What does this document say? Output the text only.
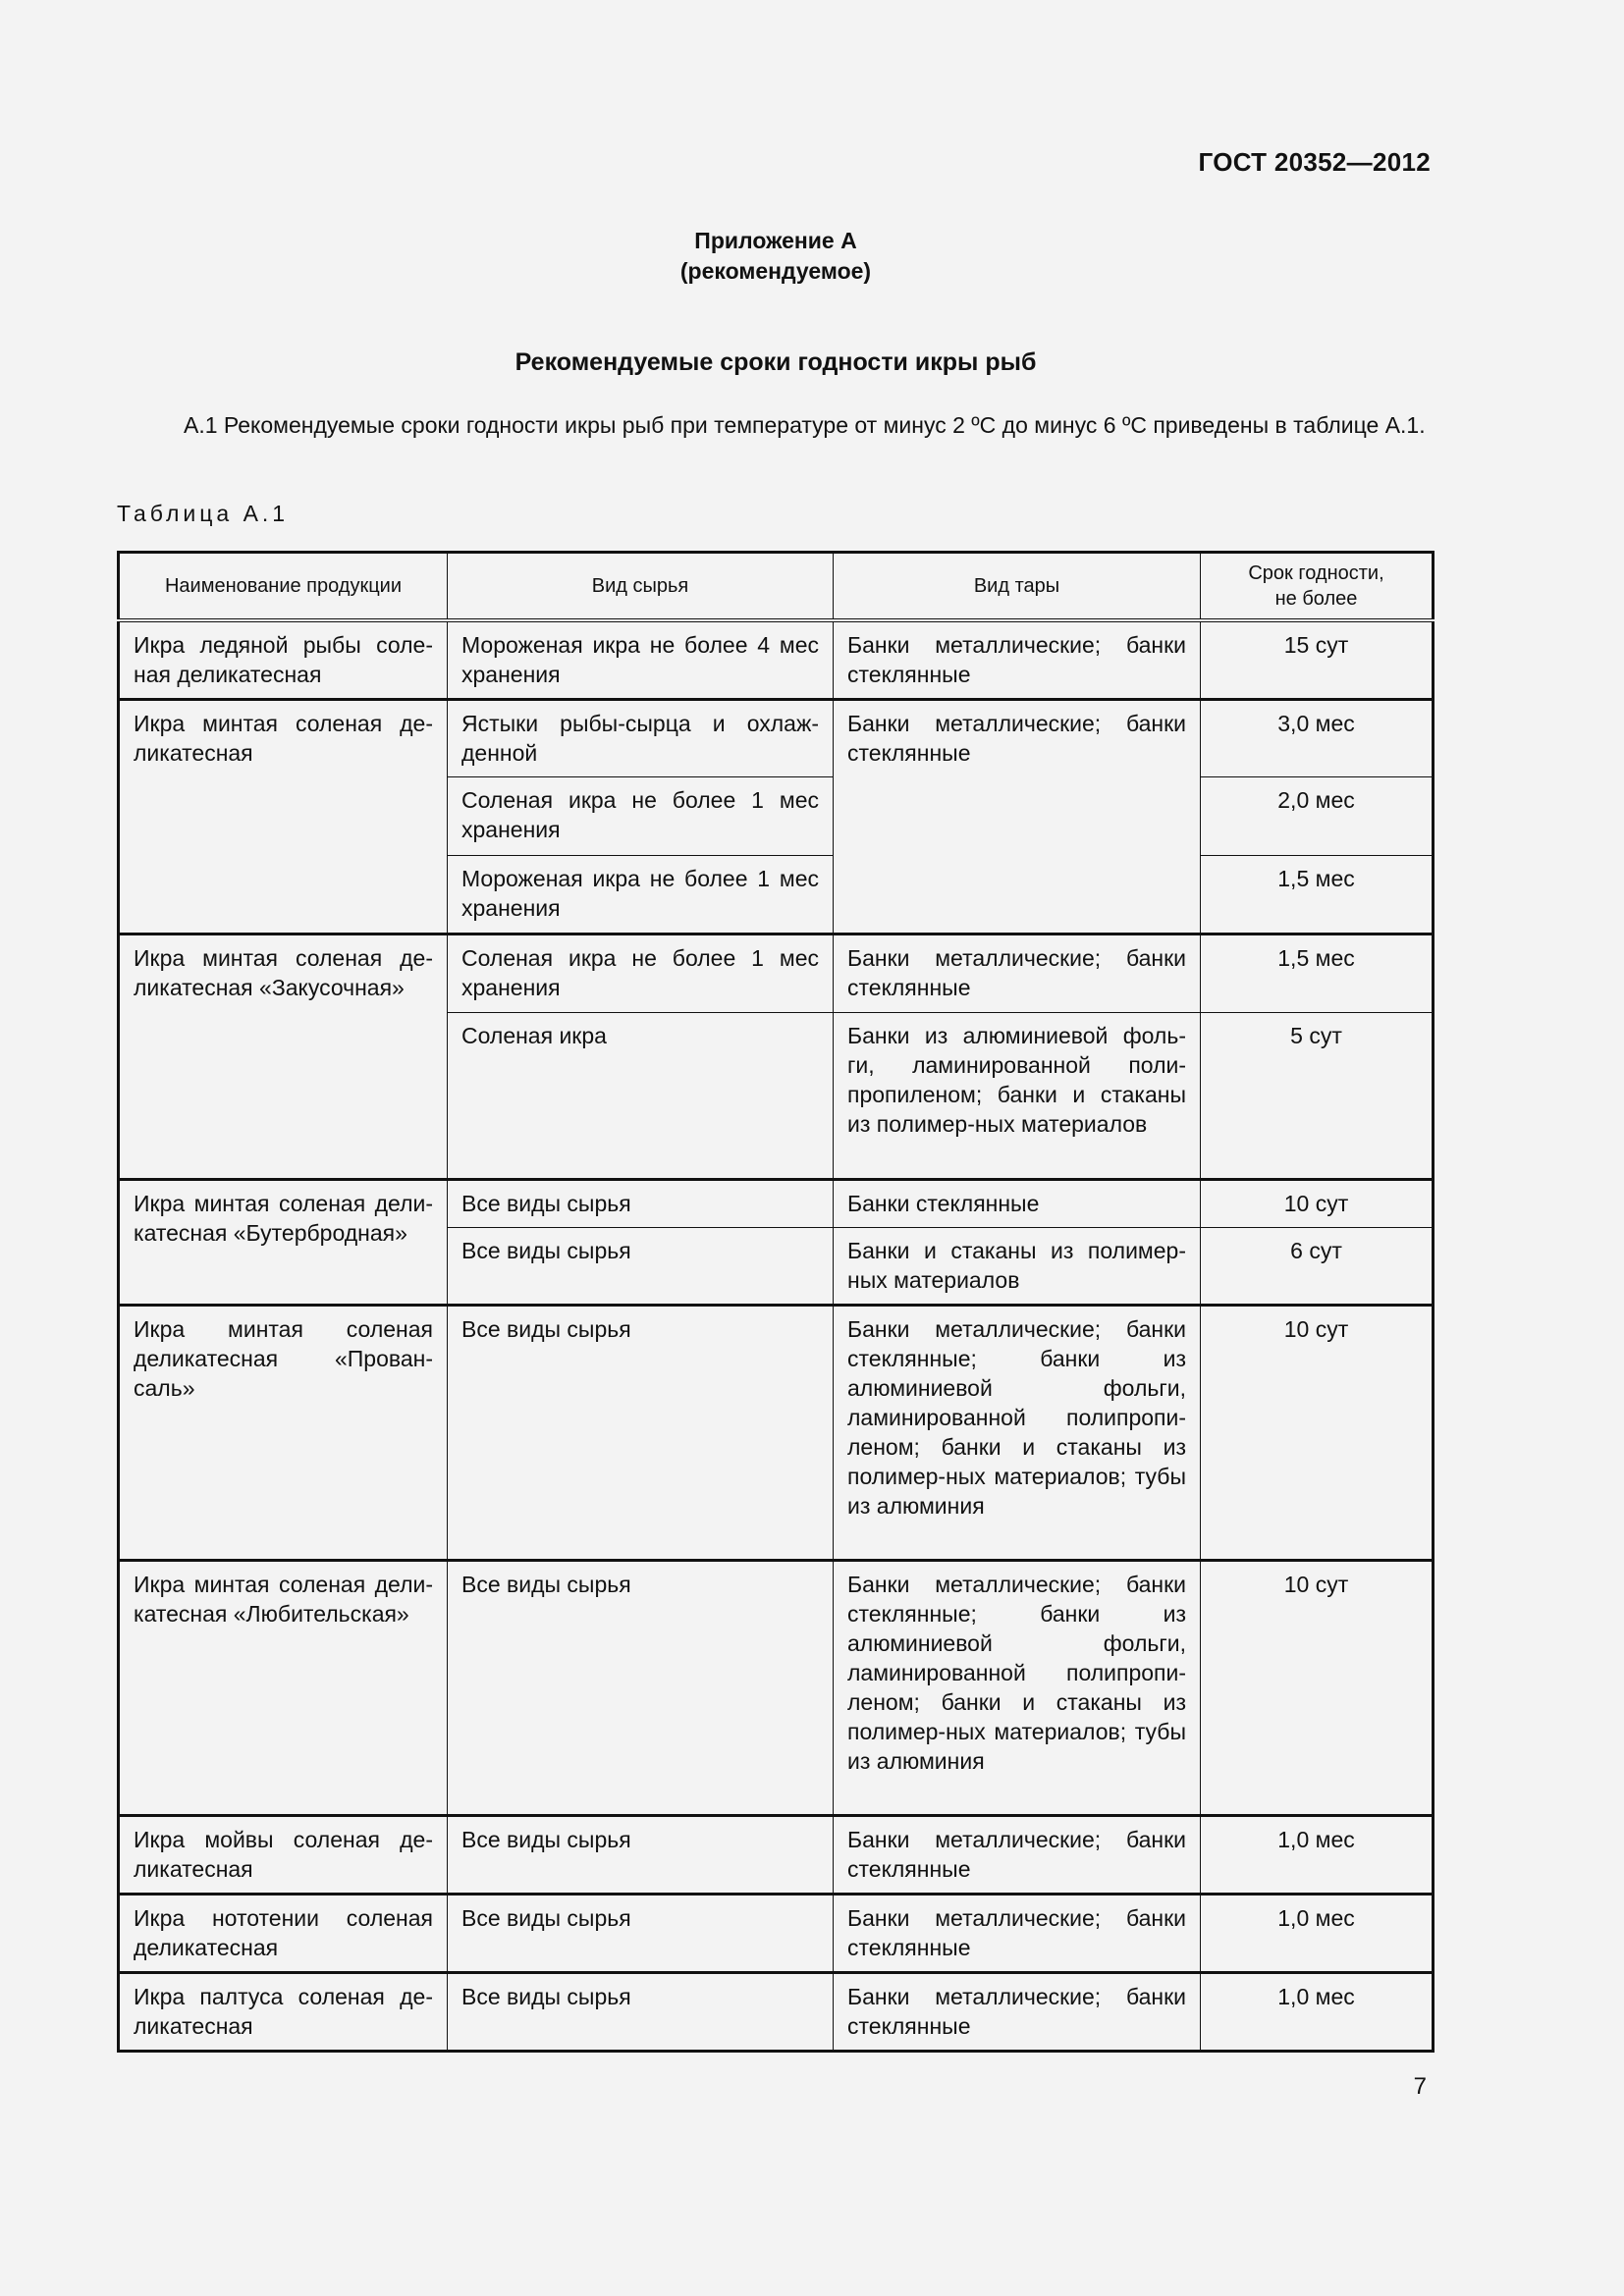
ГОСТ 20352—2012
Приложение А
(рекомендуемое)
Рекомендуемые сроки годности икры рыб
А.1 Рекомендуемые сроки годности икры рыб при температуре от минус 2 ºС до минус 6 ºС приведены в таблице А.1.
Таблица А.1
Наименование продукции	Вид сырья	Вид тары	Срок годности, не более
Икра ледяной рыбы соле-ная деликатесная	Мороженая икра не более 4 мес хранения	Банки металлические; банки стеклянные	15 сут
Икра минтая соленая де-ликатесная	Ястыки рыбы-сырца и охлаж-денной	Банки металлические; банки стеклянные	3,0 мес
	Соленая икра не более 1 мес хранения		2,0 мес
	Мороженая икра не более 1 мес хранения		1,5 мес
Икра минтая соленая де-ликатесная «Закусочная»	Соленая икра не более 1 мес хранения	Банки металлические; банки стеклянные	1,5 мес
	Соленая икра	Банки из алюминиевой фоль-ги, ламинированной поли-пропиленом; банки и стаканы из полимер-ных материалов	5 сут
Икра минтая соленая дели-катесная «Бутербродная»	Все виды сырья	Банки стеклянные	10 сут
	Все виды сырья	Банки и стаканы из полимер-ных материалов	6 сут
Икра минтая соленая деликатесная «Прован-саль»	Все виды сырья	Банки металлические; банки стеклянные; банки из алюминиевой фольги, ламинированной полипропи-леном; банки и стаканы из полимер-ных материалов; тубы из алюминия	10 сут
Икра минтая соленая дели-катесная «Любительская»	Все виды сырья	Банки металлические; банки стеклянные; банки из алюминиевой фольги, ламинированной полипропи-леном; банки и стаканы из полимер-ных материалов; тубы из алюминия	10 сут
Икра мойвы соленая де-ликатесная	Все виды сырья	Банки металлические; банки стеклянные	1,0 мес
Икра нототении соленая деликатесная	Все виды сырья	Банки металлические; банки стеклянные	1,0 мес
Икра палтуса соленая де-ликатесная	Все виды сырья	Банки металлические; банки стеклянные	1,0 мес
7
